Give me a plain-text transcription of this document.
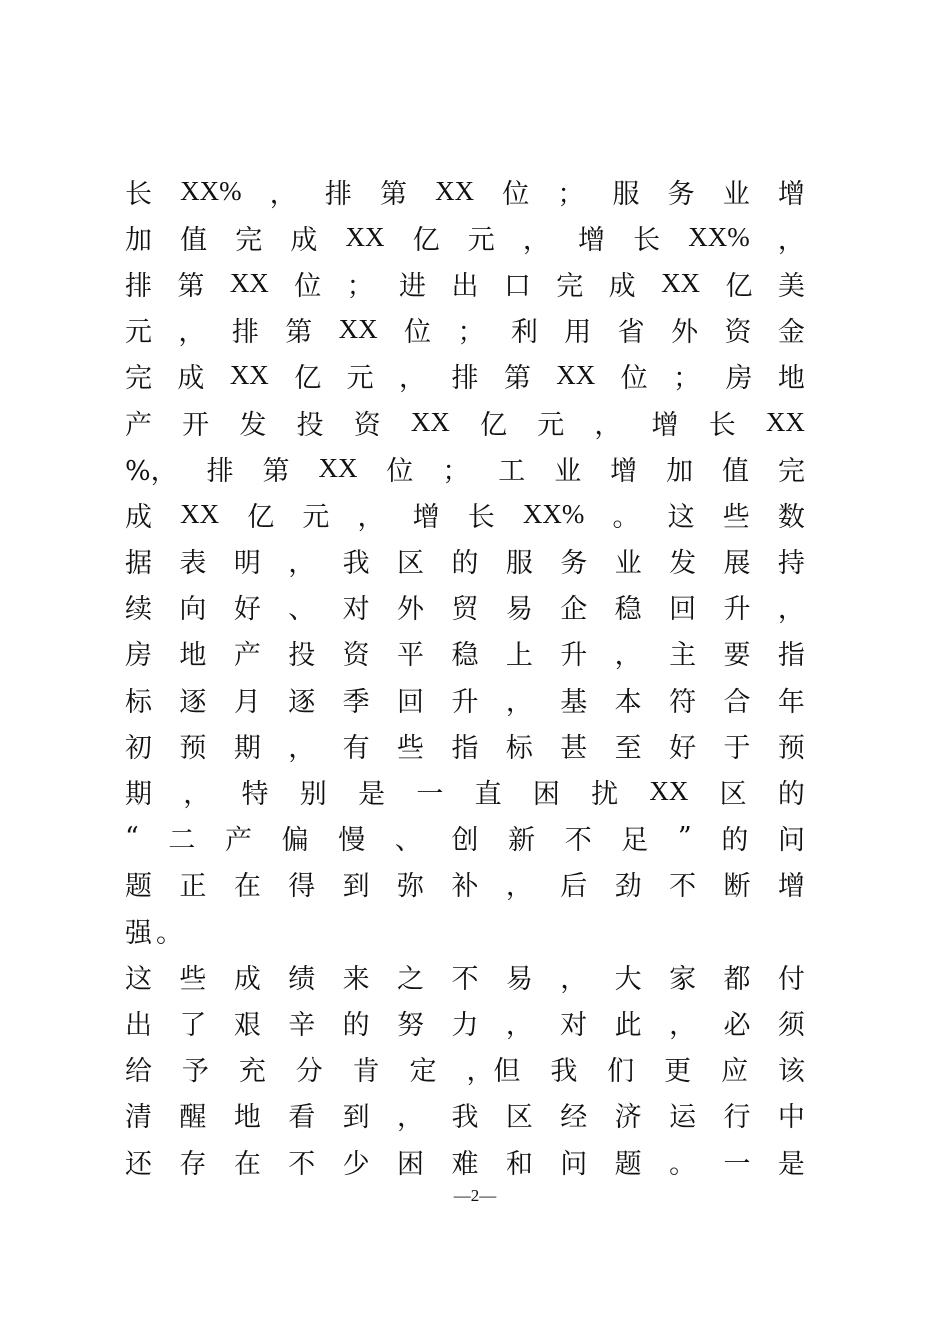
长 XX% ， 排 第 XX 位 ； 服 务 业 增
加 值 完 成 XX 亿 元 ， 增 长 XX% ，
排 第 XX 位 ； 进 出 口 完 成 XX 亿 美
元 ， 排 第 XX 位 ； 利 用 省 外 资 金
完 成 XX 亿 元 ， 排 第 XX 位 ； 房 地
产 开 发 投 资 XX 亿 元 ， 增 长 XX
%， 排 第 XX 位 ； 工 业 增 加 值 完
成 XX 亿 元 ， 增 长 XX% 。 这 些 数
据 表 明 ， 我 区 的 服 务 业 发 展 持
续 向 好 、 对 外 贸 易 企 稳 回 升 ，
房 地 产 投 资 平 稳 上 升 ， 主 要 指
标 逐 月 逐 季 回 升 ， 基 本 符 合 年
初 预 期 ， 有 些 指 标 甚 至 好 于 预
期 ， 特 别 是 一 直 困 扰 XX 区 的
“ 二 产 偏 慢 、 创 新 不 足 ” 的 问
题 正 在 得 到 弥 补 ， 后 劲 不 断 增
强 。
这 些 成 绩 来 之 不 易 ， 大 家 都 付
出 了 艰 辛 的 努 力 ， 对 此 ， 必 须
给 予 充 分 肯 定 ，但 我 们 更 应 该
清 醒 地 看 到 ， 我 区 经 济 运 行 中
还 存 在 不 少 困 难 和 问 题 。 一 是
—2—
